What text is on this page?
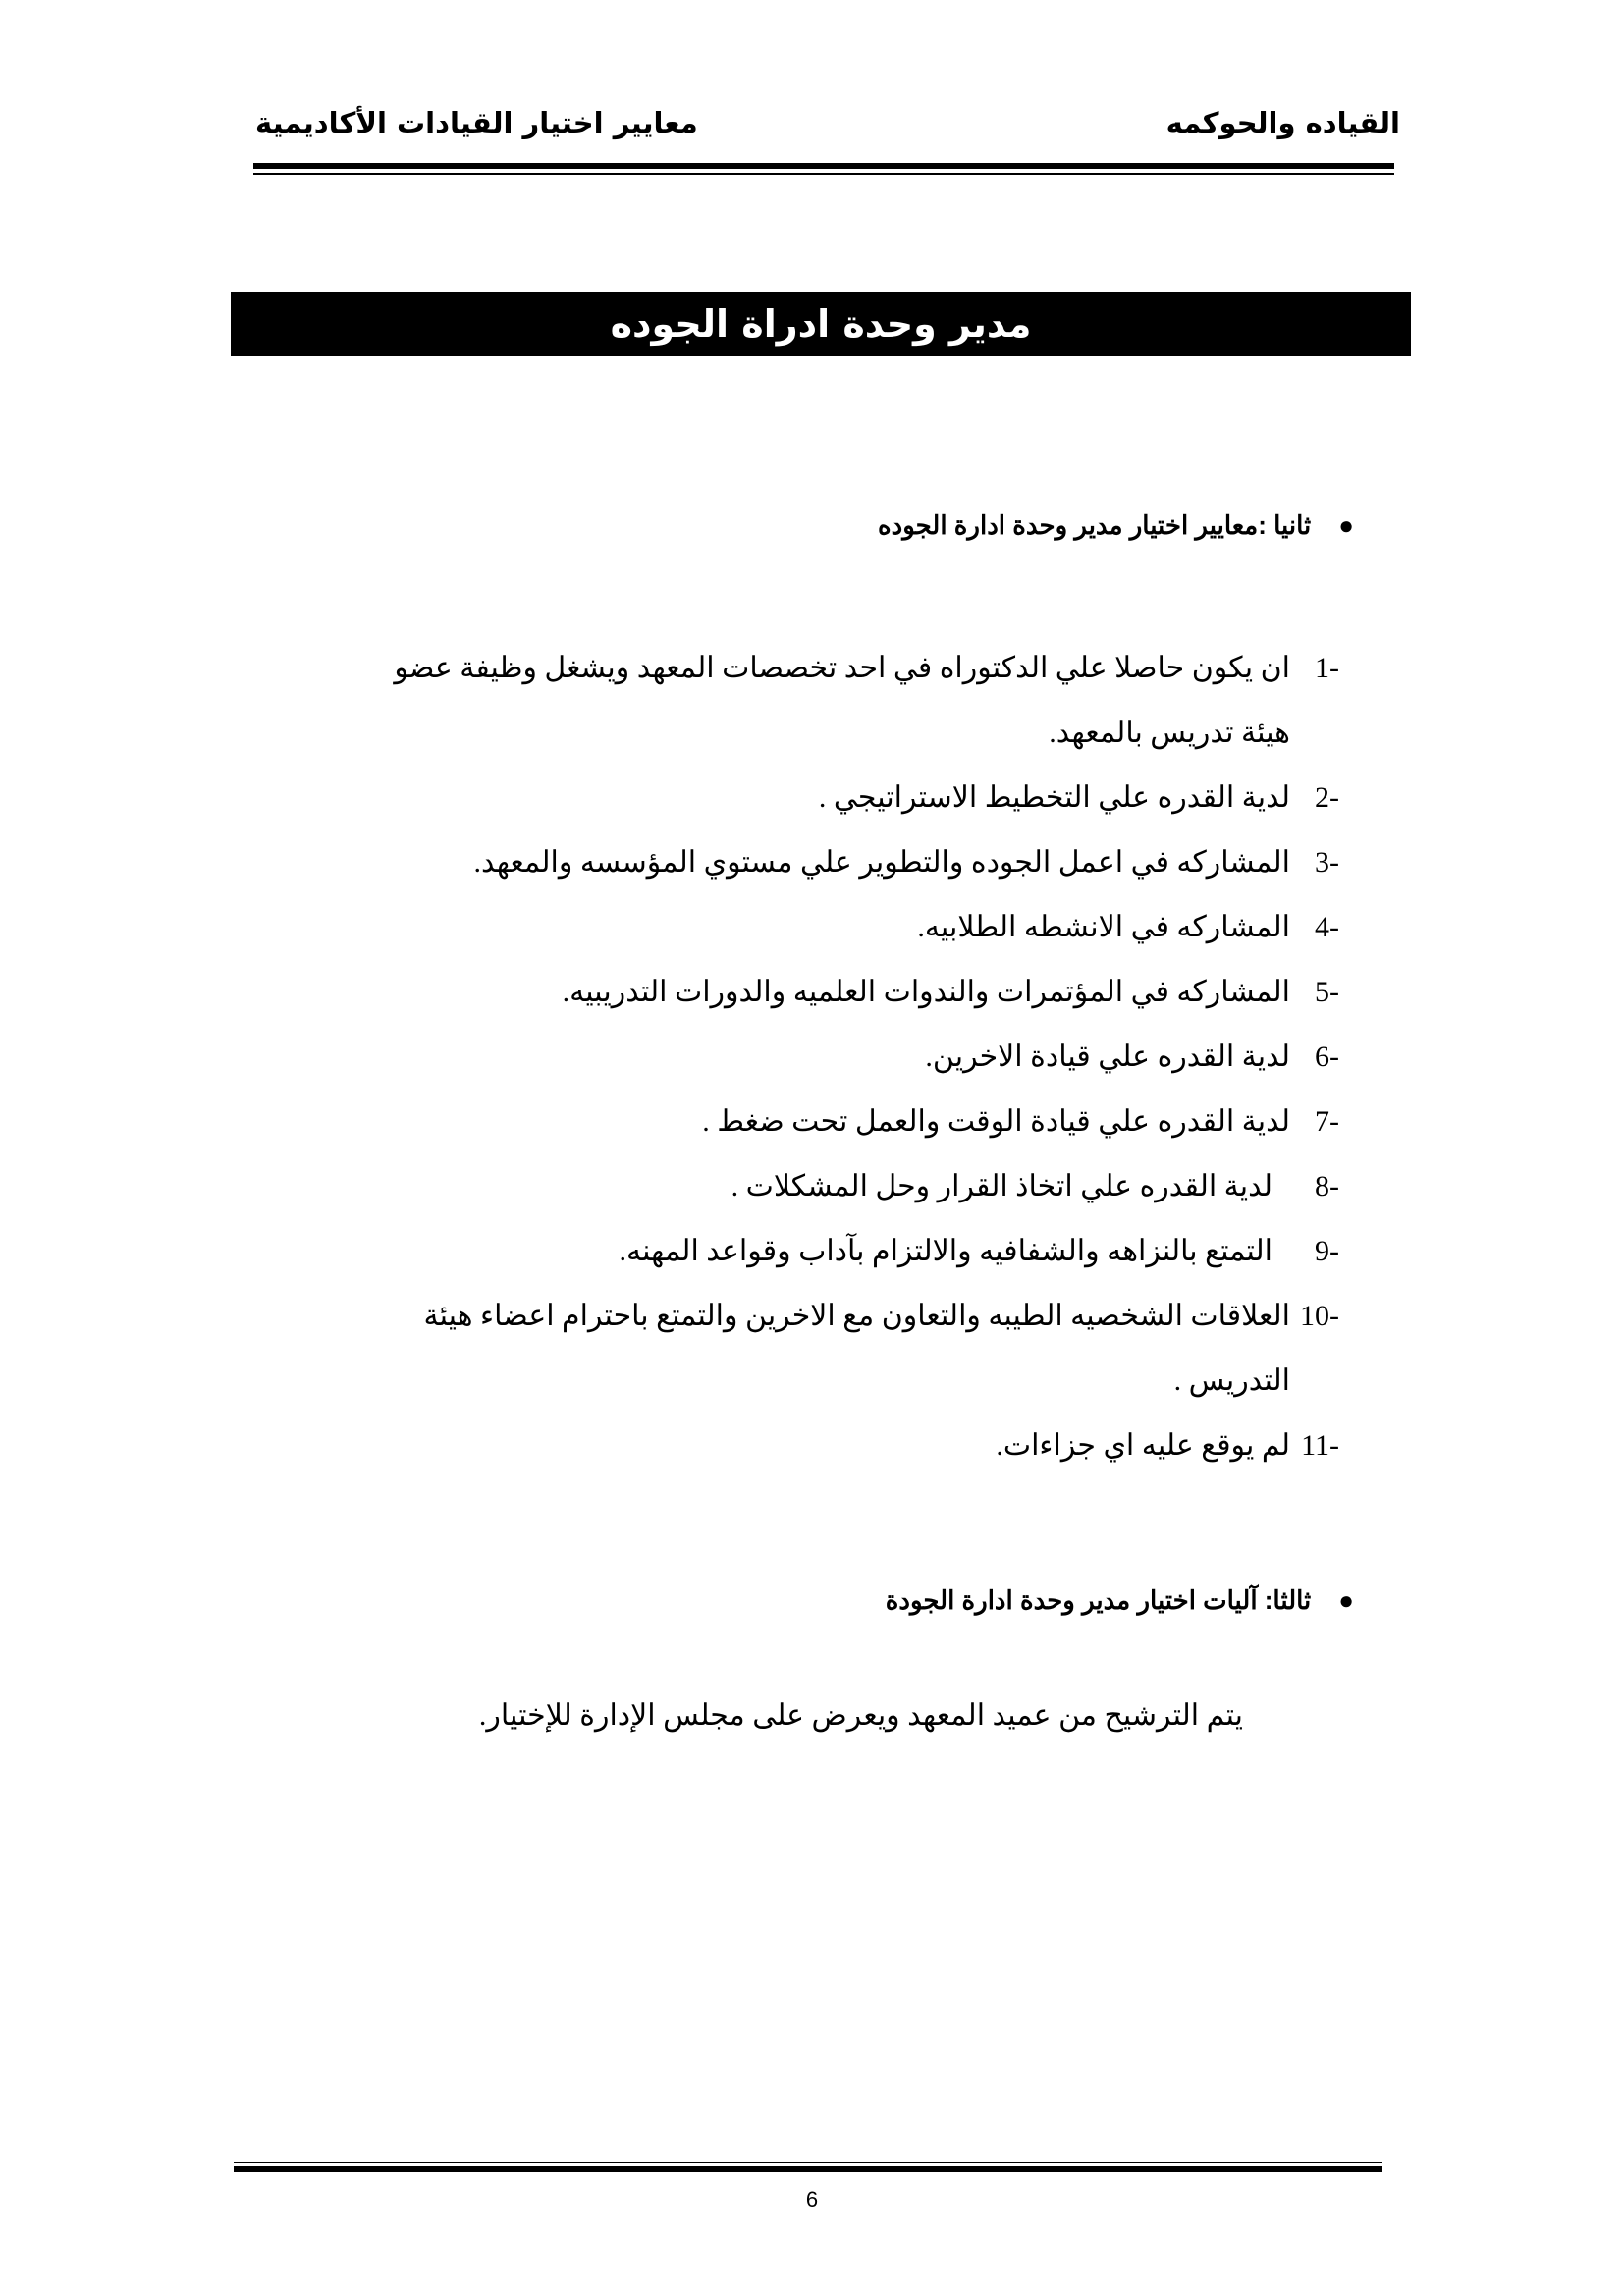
القياده والحوكمه
معايير اختيار القيادات الأكاديمية
مدير وحدة ادراة الجوده
●
ثانيا :معايير اختيار مدير وحدة ادارة الجوده
-1
ان يكون حاصلا علي الدكتوراه في احد تخصصات المعهد ويشغل وظيفة عضو هيئة تدريس بالمعهد.
-2
لدية القدره علي التخطيط الاستراتيجي .
-3
المشاركه في اعمل الجوده والتطوير علي مستوي المؤسسه والمعهد.
-4
المشاركه في الانشطه الطلابيه.
-5
المشاركه في المؤتمرات والندوات العلميه والدورات التدريبيه.
-6
لدية القدره علي قيادة الاخرين.
-7
لدية القدره علي قيادة الوقت والعمل تحت ضغط .
-8
لدية القدره علي اتخاذ القرار وحل المشكلات .
-9
التمتع بالنزاهه والشفافيه والالتزام بآداب وقواعد المهنه.
-10
العلاقات الشخصيه الطيبه والتعاون مع الاخرين والتمتع باحترام اعضاء هيئة التدريس .
-11
لم يوقع عليه اي جزاءات.
●
ثالثا: آليات اختيار مدير وحدة ادارة الجودة
يتم الترشيح من عميد المعهد ويعرض على مجلس الإدارة للإختيار.
6
